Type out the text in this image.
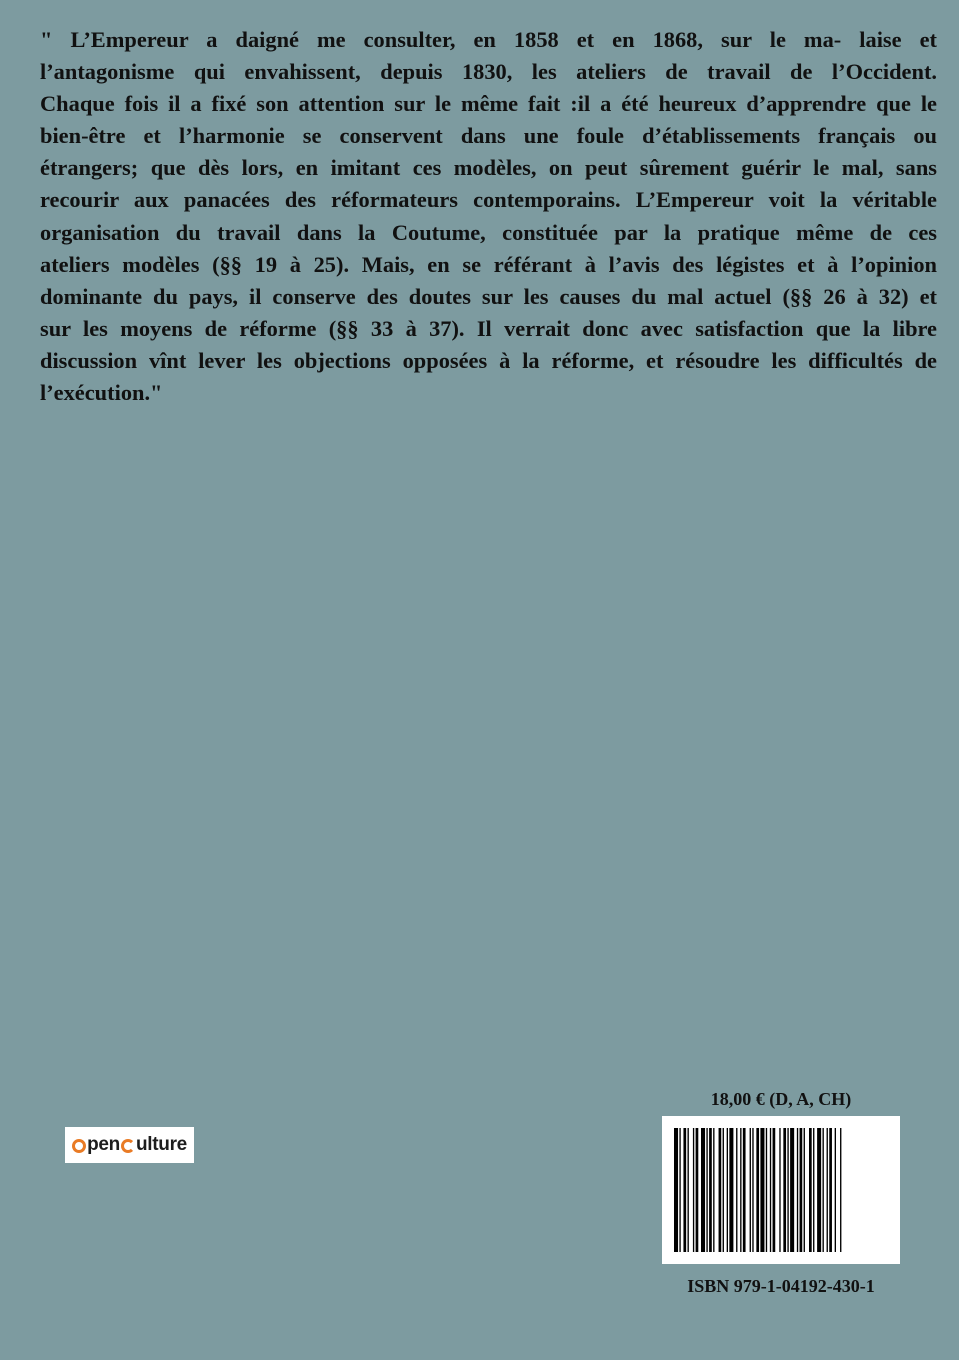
" L’Empereur a daigné me consulter, en 1858 et en 1868, sur le ma- laise et
l’antagonisme qui envahissent, depuis 1830, les ateliers de travail de l’Occident.
Chaque fois il a fixé son attention sur le même fait :il a été heureux d’apprendre que le
bien-être et l’harmonie se conservent dans une foule d’établissements français ou
étrangers; que dès lors, en imitant ces modèles, on peut sûrement guérir le mal, sans
recourir aux panacées des réformateurs contemporains. L’Empereur voit la véritable
organisation du travail dans la Coutume, constituée par la pratique même de ces
ateliers modèles (§§ 19 à 25). Mais, en se référant à l’avis des légistes et à l’opinion
dominante du pays, il conserve des doutes sur les causes du mal actuel (§§ 26 à 32) et
sur les moyens de réforme (§§ 33 à 37). Il verrait donc avec satisfaction que la libre
discussion vînt lever les objections opposées à la réforme, et résoudre les difficultés de
l’exécution."
pen ulture
18,00 € (D, A, CH)
ISBN 979-1-04192-430-1
